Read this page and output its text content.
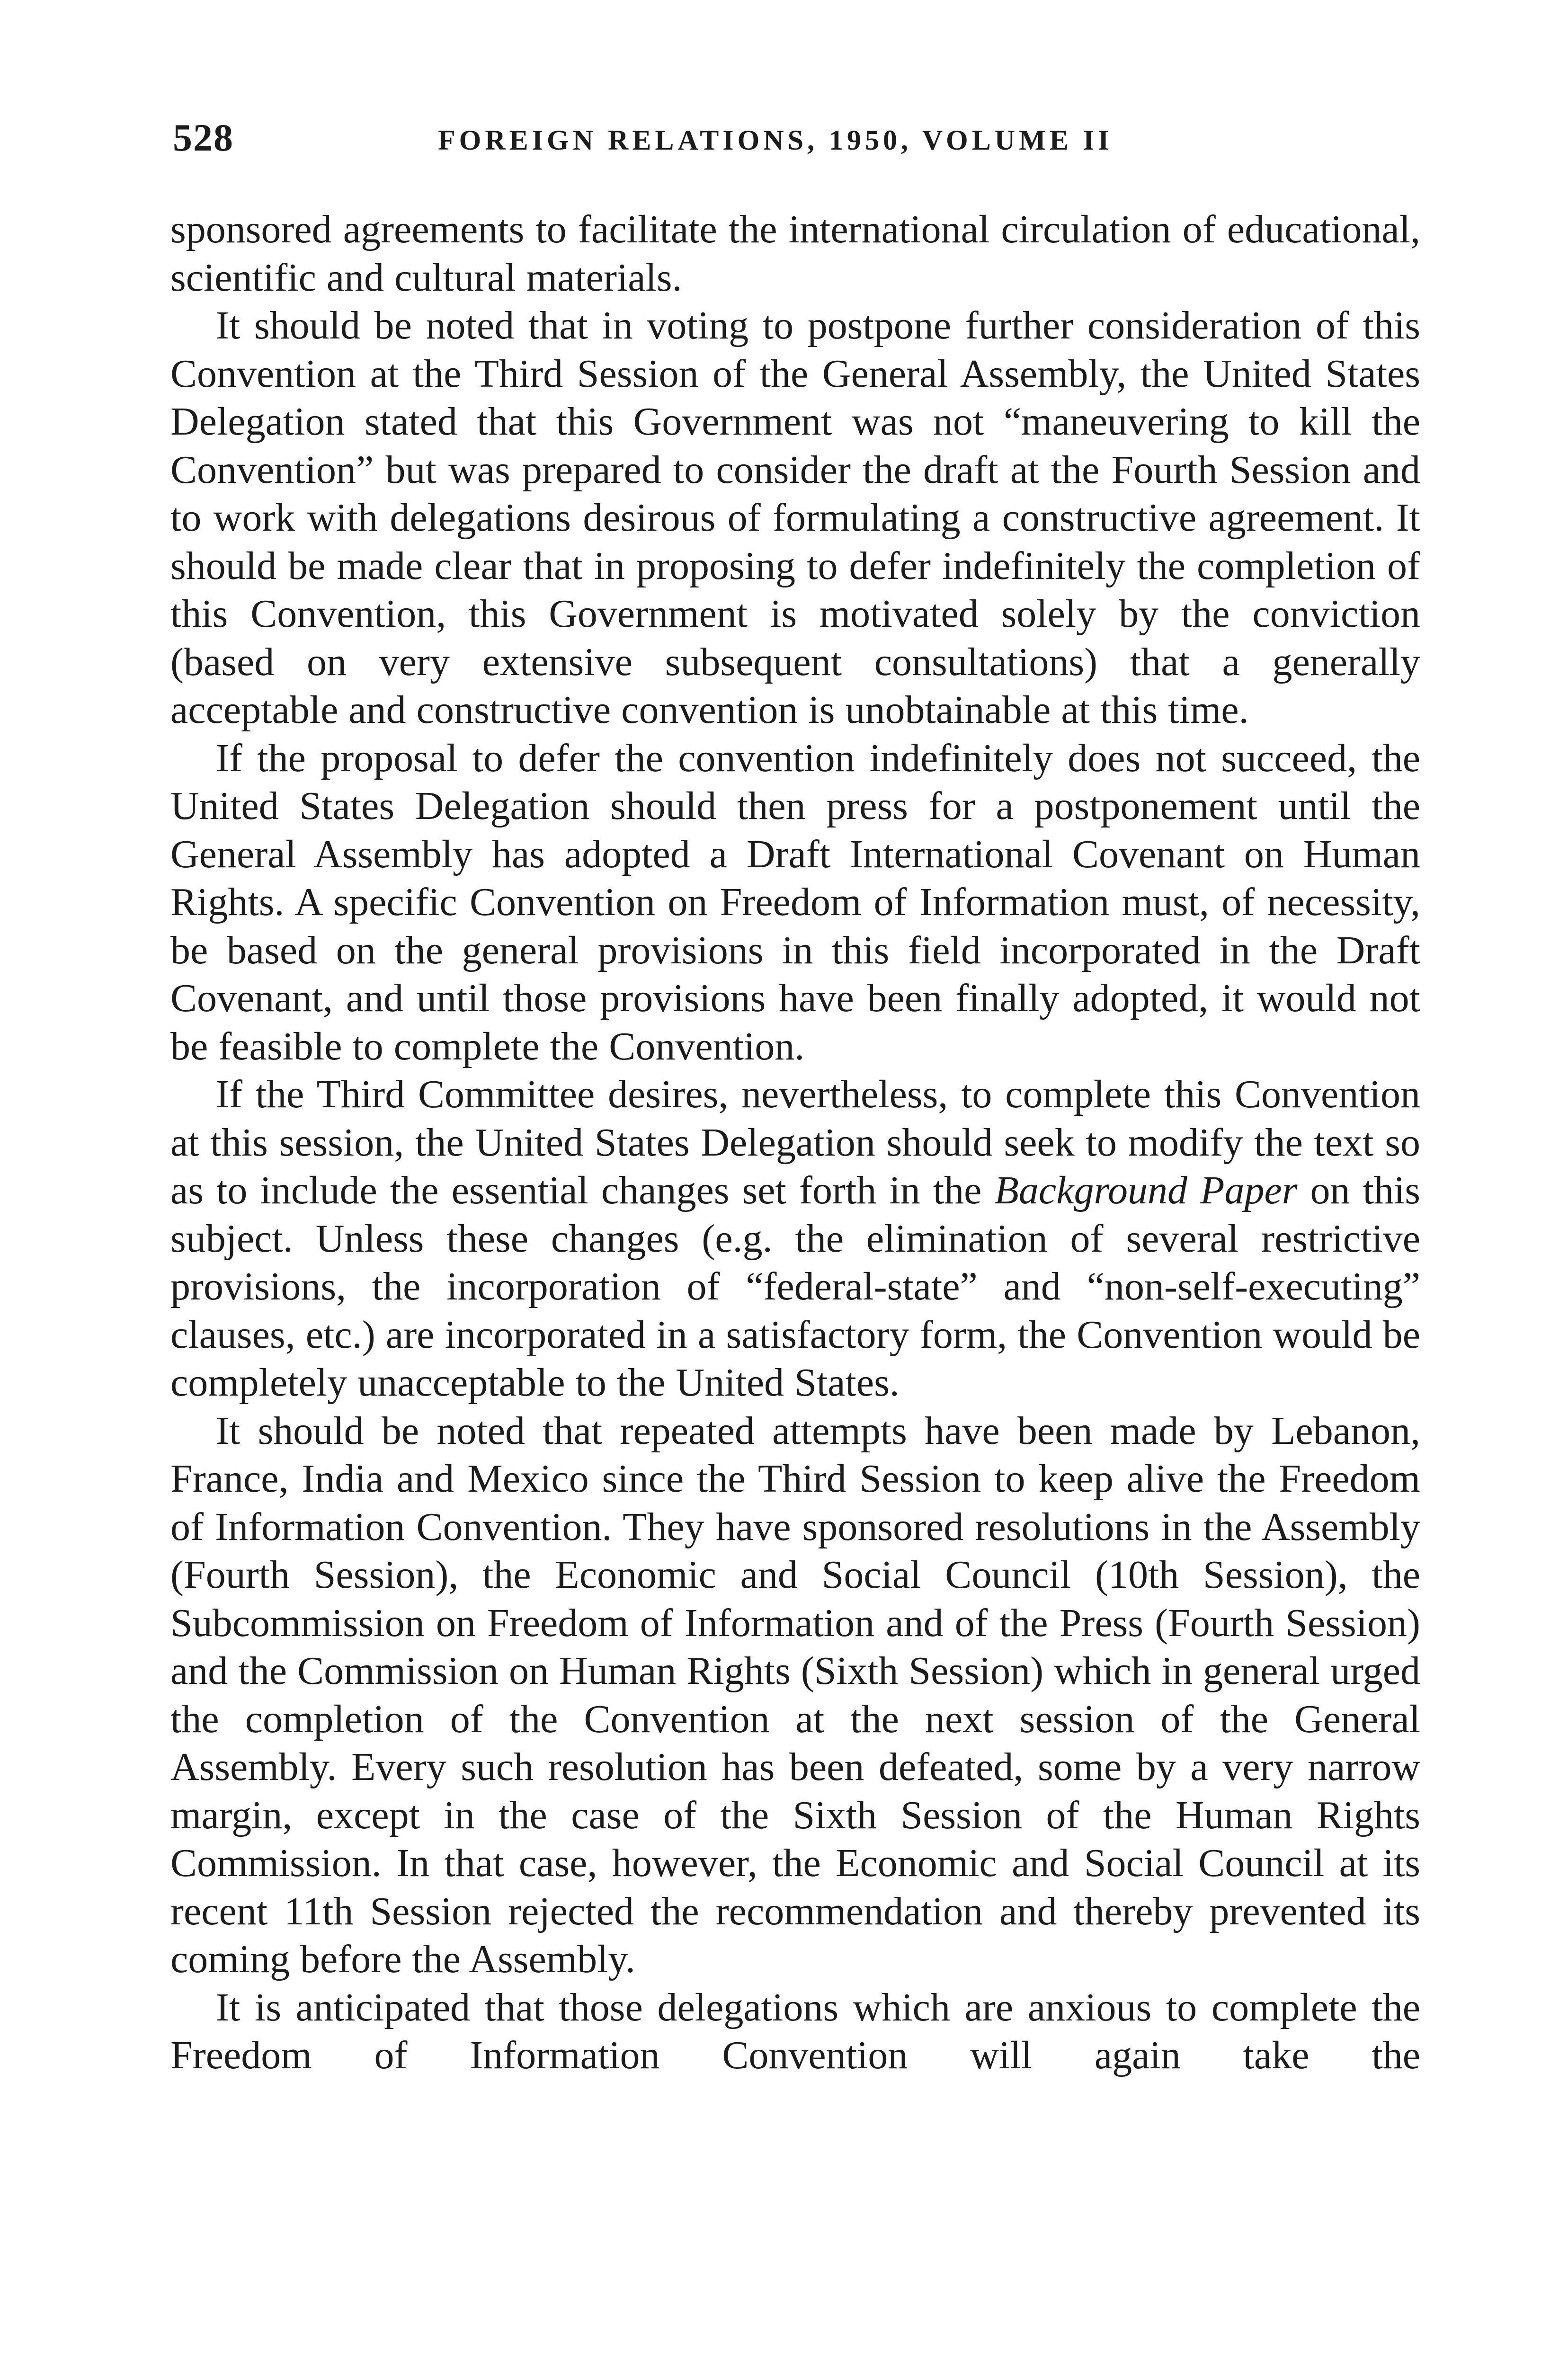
528	FOREIGN RELATIONS, 1950, VOLUME II

sponsored agreements to facilitate the international circulation of educational, scientific and cultural materials.

It should be noted that in voting to postpone further consideration of this Convention at the Third Session of the General Assembly, the United States Delegation stated that this Government was not “maneuvering to kill the Convention” but was prepared to consider the draft at the Fourth Session and to work with delegations desirous of formulating a constructive agreement. It should be made clear that in proposing to defer indefinitely the completion of this Convention, this Government is motivated solely by the conviction (based on very extensive subsequent consultations) that a generally acceptable and constructive convention is unobtainable at this time.

If the proposal to defer the convention indefinitely does not succeed, the United States Delegation should then press for a postponement until the General Assembly has adopted a Draft International Covenant on Human Rights. A specific Convention on Freedom of Information must, of necessity, be based on the general provisions in this field incorporated in the Draft Covenant, and until those provisions have been finally adopted, it would not be feasible to complete the Convention.

If the Third Committee desires, nevertheless, to complete this Convention at this session, the United States Delegation should seek to modify the text so as to include the essential changes set forth in the Background Paper on this subject. Unless these changes (e.g. the elimination of several restrictive provisions, the incorporation of “federal-state” and “non-self-executing” clauses, etc.) are incorporated in a satisfactory form, the Convention would be completely unacceptable to the United States.

It should be noted that repeated attempts have been made by Lebanon, France, India and Mexico since the Third Session to keep alive the Freedom of Information Convention. They have sponsored resolutions in the Assembly (Fourth Session), the Economic and Social Council (10th Session), the Subcommission on Freedom of Information and of the Press (Fourth Session) and the Commission on Human Rights (Sixth Session) which in general urged the completion of the Convention at the next session of the General Assembly. Every such resolution has been defeated, some by a very narrow margin, except in the case of the Sixth Session of the Human Rights Commission. In that case, however, the Economic and Social Council at its recent 11th Session rejected the recommendation and thereby prevented its coming before the Assembly.

It is anticipated that those delegations which are anxious to complete the Freedom of Information Convention will again take the
